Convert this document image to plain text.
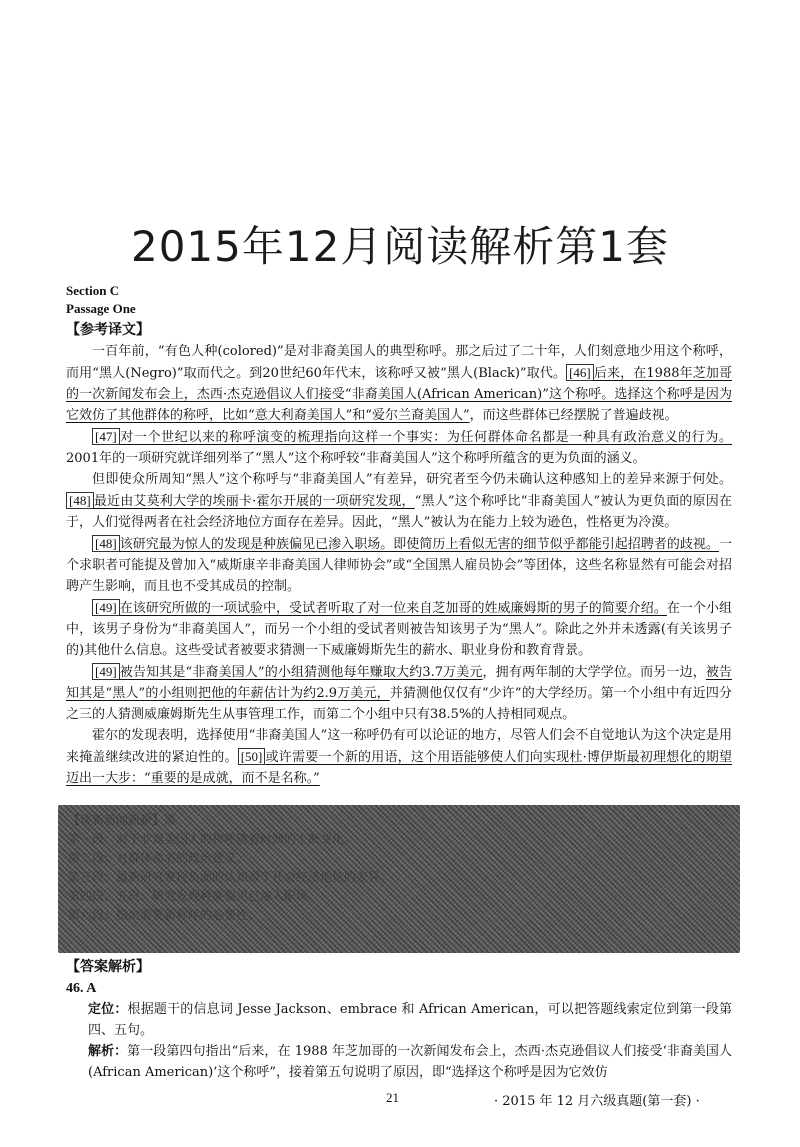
2015年12月阅读解析第1套
Section C
Passage One
【参考译文】

一百年前，“有色人种(colored)”是对非裔美国人的典型称呼。那之后过了二十年，人们刻意地少用这个称呼，而用“黑人(Negro)”取而代之。到20世纪60年代末，该称呼又被“黑人(Black)”取代。 [46] 后来，在1988年芝加哥的一次新闻发布会上，杰西·杰克逊倡议人们接受“非裔美国人(African American)”这个称呼。选择这个称呼是因为它效仿了其他群体的称呼，比如“意大利裔美国人”和“爱尔兰裔美国人”，而这些群体已经摆脱了普遍歧视。

[47] 对一个世纪以来的称呼演变的梳理指向这样一个事实：为任何群体命名都是一种具有政治意义的行为。2001年的一项研究就详细列举了“黑人”这个称呼较“非裔美国人”这个称呼所蕴含的更为负面的涵义。

但即使众所周知“黑人”这个称呼与“非裔美国人”有差异，研究者至今仍未确认这种感知上的差异来源于何处。[48] 最近由艾莫利大学的埃丽卡·霍尔开展的一项研究发现，“黑人”这个称呼比“非裔美国人”被认为更负面的原因在于，人们觉得两者在社会经济地位方面存在差异。因此，“黑人”被认为在能力上较为逊色，性格更为冷漠。

[48] 该研究最为惊人的发现是种族偏见已渗入职场。即使简历上看似无害的细节似乎都能引起招聘者的歧视。一个求职者可能提及曾加入“威斯康辛非裔美国人律师协会”或“全国黑人雇员协会”等团体，这些名称显然有可能会对招聘产生影响，而且也不受其成员的控制。

[49] 在该研究所做的一项试验中，受试者听取了对一位来自芝加哥的姓威廉姆斯的男子的简要介绍。在一个小组中，该男子身份为“非裔美国人”，而另一个小组的受试者则被告知该男子为“黑人”。除此之外并未透露(有关该男子的)其他什么信息。这些受试者被要求猜测一下威廉姆斯先生的薪水、职业身份和教育背景。

[49] 被告知其是“非裔美国人”的小组猜测他每年赚取大约3.7万美元，拥有两年制的大学学位。而另一边，被告知其是“黑人”的小组则把他的年薪估计为约2.9万美元，并猜测他仅仅有“少许”的大学经历。第一个小组中有近四分之三的人猜测威廉姆斯先生从事管理工作，而第二个小组中只有38.5%的人持相同观点。

霍尔的发现表明，选择使用“非裔美国人”这一称呼仍有可以论证的地方，尽管人们会不自觉地认为这个决定是用来掩盖继续改进的紧迫性的。 [50] 或许需要一个新的用语，这个用语能够使人们向实现杜·博伊斯最初理想化的期望迈出一大步：“重要的是成就，而不是名称。”

【谈新新闻新新】黑

第一段：对于非裔美国人的称呼随着时间的不断变化。

第二段：对群体命名的政治意义。

第三段：最新研究发现负面的认知源于社会经济地位的差异。

第四段、五段：研究发现种族偏见已渗入职场。

第六段：指出需要新称呼的必要性。

【答案解析】
46. A

定位：根据题干的信息词 Jesse Jackson、embrace 和 African American，可以把答题线索定位到第一段第四、五句。

解析：第一段第四句指出“后来，在 1988 年芝加哥的一次新闻发布会上，杰西·杰克逊倡议人们接受‘非裔美国人(African American)’这个称呼”，接着第五句说明了原因，即“选择这个称呼是因为它效仿

21	· 2015 年 12 月六级真题(第一套) ·
